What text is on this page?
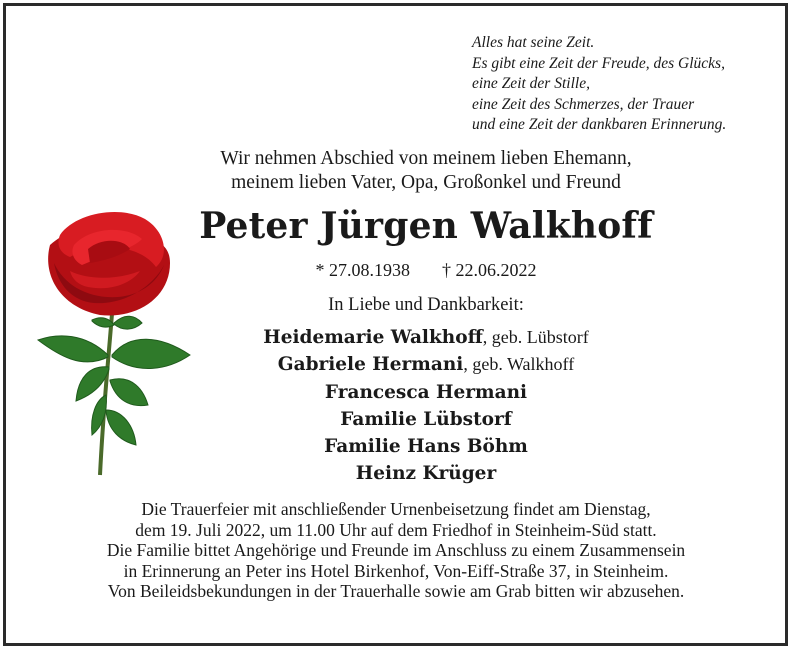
Alles hat seine Zeit.
Es gibt eine Zeit der Freude, des Glücks,
eine Zeit der Stille,
eine Zeit des Schmerzes, der Trauer
und eine Zeit der dankbaren Erinnerung.
Wir nehmen Abschied von meinem lieben Ehemann,
meinem lieben Vater, Opa, Großonkel und Freund
Peter Jürgen Walkhoff
* 27.08.1938 † 22.06.2022
In Liebe und Dankbarkeit:
Heidemarie Walkhoff, geb. Lübstorf
Gabriele Hermani, geb. Walkhoff
Francesca Hermani
Familie Lübstorf
Familie Hans Böhm
Heinz Krüger
Die Trauerfeier mit anschließender Urnenbeisetzung findet am Dienstag,
dem 19. Juli 2022, um 11.00 Uhr auf dem Friedhof in Steinheim-Süd statt.
Die Familie bittet Angehörige und Freunde im Anschluss zu einem Zusammensein
in Erinnerung an Peter ins Hotel Birkenhof, Von-Eiff-Straße 37, in Steinheim.
Von Beileidsbekundungen in der Trauerhalle sowie am Grab bitten wir abzusehen.
